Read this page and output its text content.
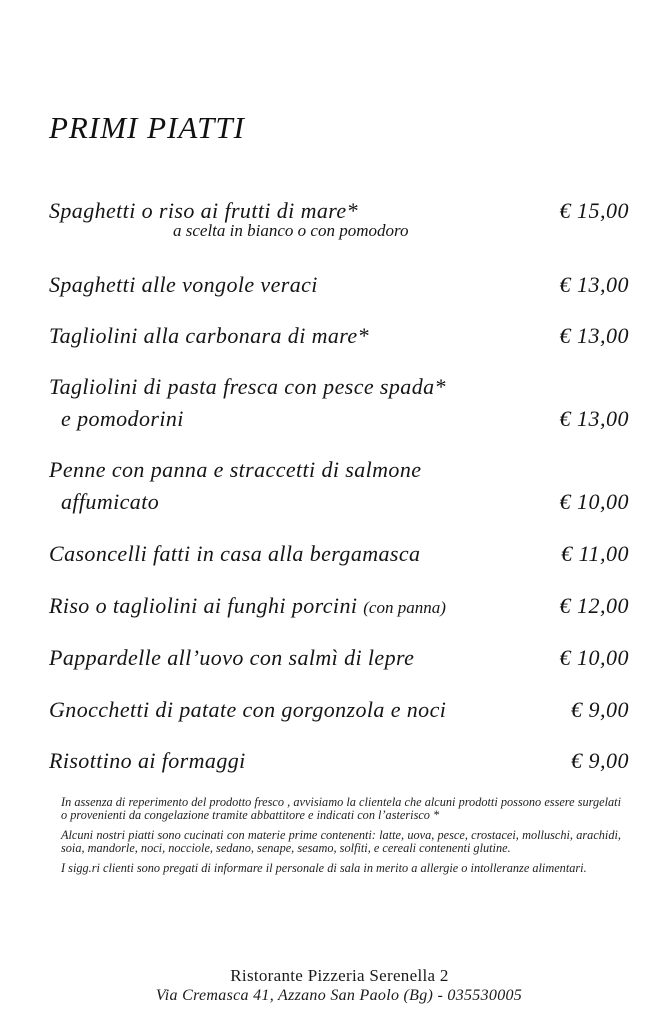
PRIMI PIATTI
Spaghetti o riso ai frutti di mare*	€ 15,00
a scelta in bianco o con pomodoro
Spaghetti alle vongole veraci	€ 13,00
Tagliolini alla carbonara di mare*	€ 13,00
Tagliolini di pasta fresca con pesce spada*
e pomodorini	€ 13,00
Penne con panna e straccetti di salmone
affumicato	€ 10,00
Casoncelli fatti in casa alla bergamasca	€ 11,00
Riso o tagliolini ai funghi porcini (con panna)	€ 12,00
Pappardelle all’uovo con salmì di lepre	€ 10,00
Gnocchetti di patate con gorgonzola e noci	€ 9,00
Risottino ai formaggi	€ 9,00

In assenza di reperimento del prodotto fresco , avvisiamo la clientela che alcuni prodotti possono essere surgelati o provenienti da congelazione tramite abbattitore e indicati con l’asterisco *

Alcuni nostri piatti sono cucinati con materie prime contenenti: latte, uova, pesce, crostacei, molluschi, arachidi, soia, mandorle, noci, nocciole, sedano, senape, sesamo, solfiti, e cereali contenenti glutine.

I sigg.ri clienti sono pregati di informare il personale di sala in merito a allergie o intolleranze alimentari.

Ristorante Pizzeria Serenella 2
Via Cremasca 41, Azzano San Paolo (Bg) - 035530005
